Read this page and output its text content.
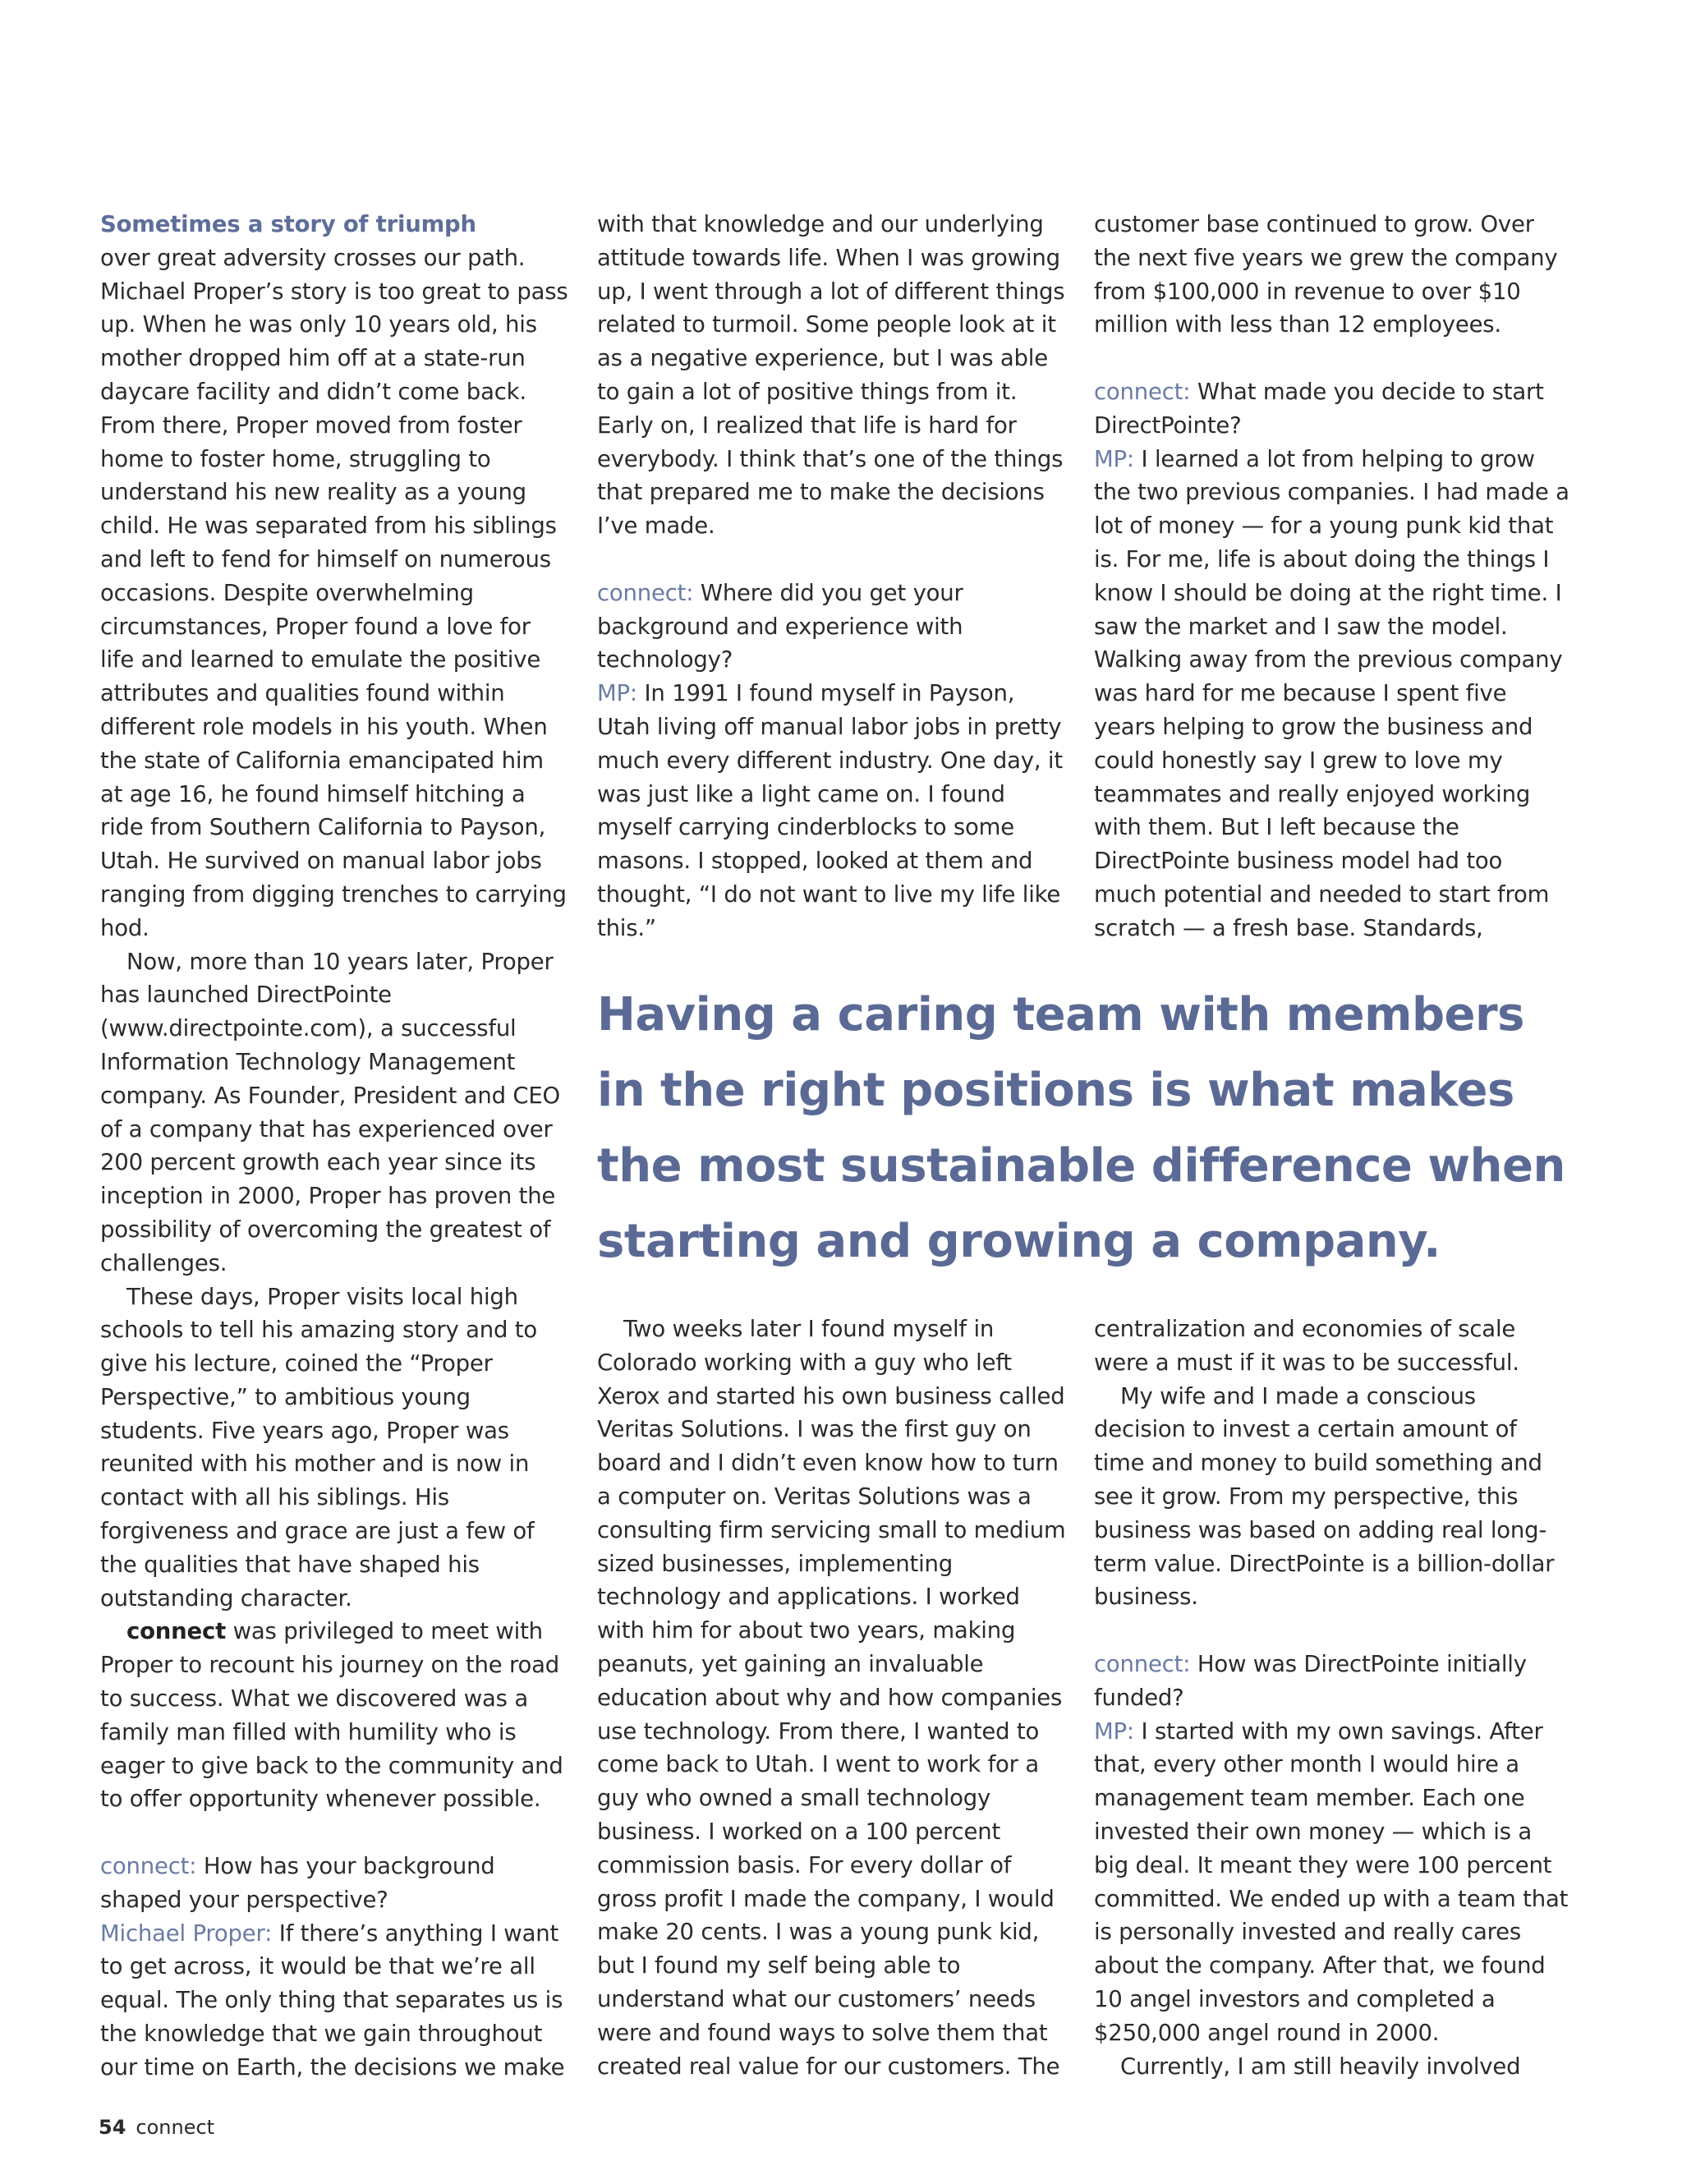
Sometimes a story of triumph
over great adversity crosses our path. Michael Proper’s story is too great to pass up. When he was only 10 years old, his mother dropped him off at a state-run daycare facility and didn’t come back. From there, Proper moved from foster home to foster home, struggling to understand his new reality as a young child. He was separated from his siblings and left to fend for himself on numerous occasions. Despite overwhelming circumstances, Proper found a love for life and learned to emulate the positive attributes and qualities found within different role models in his youth. When the state of California emancipated him at age 16, he found himself hitching a ride from Southern California to Payson, Utah. He survived on manual labor jobs ranging from digging trenches to carrying hod.

Now, more than 10 years later, Proper has launched DirectPointe (www.directpointe.com), a successful Information Technology Management company. As Founder, President and CEO of a company that has experienced over 200 percent growth each year since its inception in 2000, Proper has proven the possibility of overcoming the greatest of challenges.

These days, Proper visits local high schools to tell his amazing story and to give his lecture, coined the “Proper Perspective,” to ambitious young students. Five years ago, Proper was reunited with his mother and is now in contact with all his siblings. His forgiveness and grace are just a few of the qualities that have shaped his outstanding character.

connect was privileged to meet with Proper to recount his journey on the road to success. What we discovered was a family man filled with humility who is eager to give back to the community and to offer opportunity whenever possible.

connect: How has your background shaped your perspective?

Michael Proper: If there’s anything I want to get across, it would be that we’re all equal. The only thing that separates us is the knowledge that we gain throughout our time on Earth, the decisions we make

with that knowledge and our underlying attitude towards life. When I was growing up, I went through a lot of different things related to turmoil. Some people look at it as a negative experience, but I was able to gain a lot of positive things from it. Early on, I realized that life is hard for everybody. I think that’s one of the things that prepared me to make the decisions I’ve made.

connect: Where did you get your background and experience with technology?

MP: In 1991 I found myself in Payson, Utah living off manual labor jobs in pretty much every different industry. One day, it was just like a light came on. I found myself carrying cinderblocks to some masons. I stopped, looked at them and thought, “I do not want to live my life like this.”

customer base continued to grow. Over the next five years we grew the company from $100,000 in revenue to over $10 million with less than 12 employees.

connect: What made you decide to start DirectPointe?

MP: I learned a lot from helping to grow the two previous companies. I had made a lot of money — for a young punk kid that is. For me, life is about doing the things I know I should be doing at the right time. I saw the market and I saw the model. Walking away from the previous company was hard for me because I spent five years helping to grow the business and could honestly say I grew to love my teammates and really enjoyed working with them. But I left because the DirectPointe business model had too much potential and needed to start from scratch — a fresh base. Standards,

Having a caring team with members in the right positions is what makes the most sustainable difference when starting and growing a company.

Two weeks later I found myself in Colorado working with a guy who left Xerox and started his own business called Veritas Solutions. I was the first guy on board and I didn’t even know how to turn a computer on. Veritas Solutions was a consulting firm servicing small to medium sized businesses, implementing technology and applications. I worked with him for about two years, making peanuts, yet gaining an invaluable education about why and how companies use technology. From there, I wanted to come back to Utah. I went to work for a guy who owned a small technology business. I worked on a 100 percent commission basis. For every dollar of gross profit I made the company, I would make 20 cents. I was a young punk kid, but I found my self being able to understand what our customers’ needs were and found ways to solve them that created real value for our customers. The

centralization and economies of scale were a must if it was to be successful.

My wife and I made a conscious decision to invest a certain amount of time and money to build something and see it grow. From my perspective, this business was based on adding real long-term value. DirectPointe is a billion-dollar business.

connect: How was DirectPointe initially funded?

MP: I started with my own savings. After that, every other month I would hire a management team member. Each one invested their own money — which is a big deal. It meant they were 100 percent committed. We ended up with a team that is personally invested and really cares about the company. After that, we found 10 angel investors and completed a $250,000 angel round in 2000.

Currently, I am still heavily involved

54 connect
